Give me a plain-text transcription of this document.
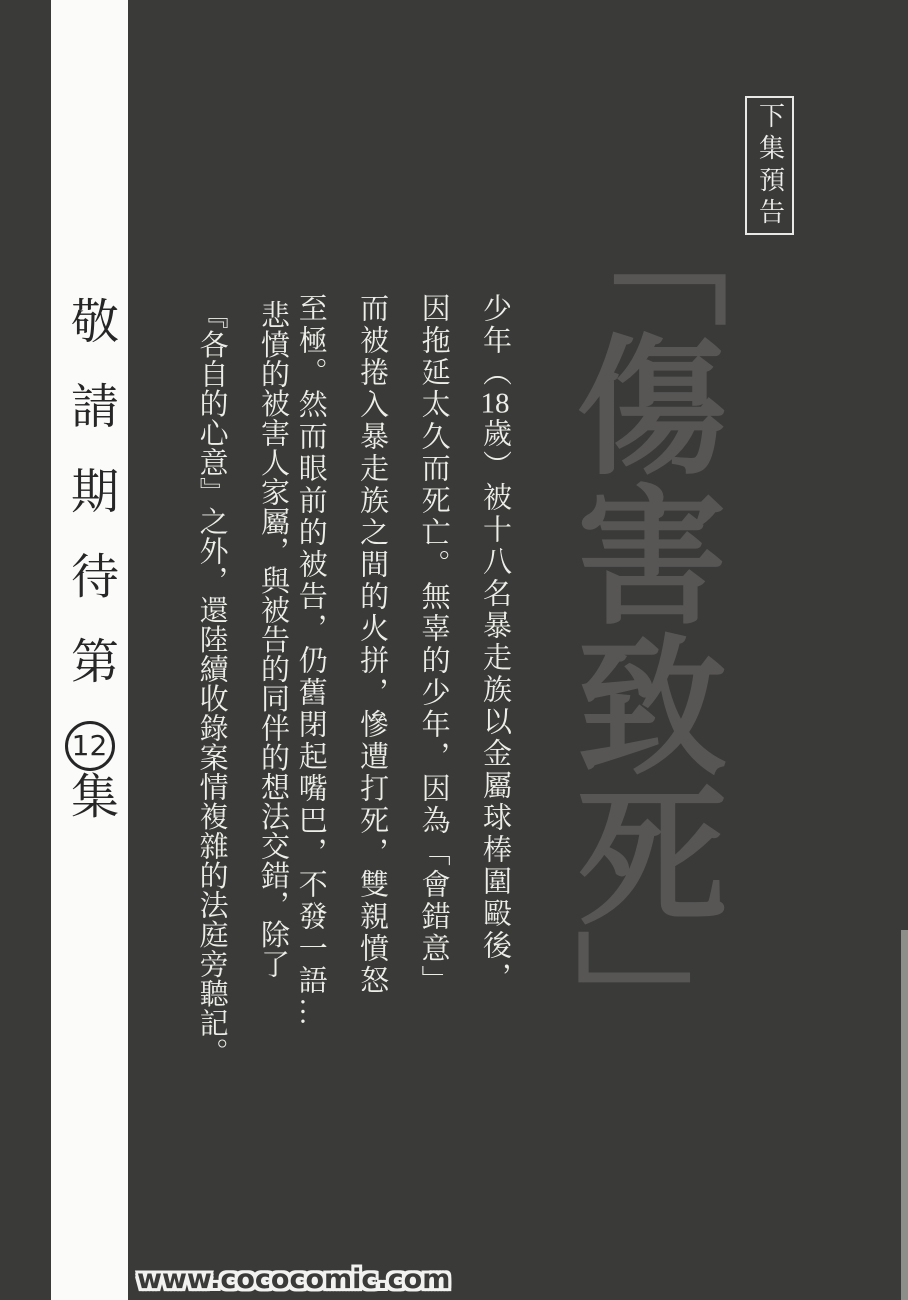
敬請期待第
12
集
下集預告
「傷害致死」

少年（18歲）被十八名暴走族以金屬球棒圍毆後，

因拖延太久而死亡。無辜的少年，因為「會錯意」

而被捲入暴走族之間的火拼，慘遭打死，雙親憤怒

至極。然而眼前的被告，仍舊閉起嘴巴，不發一語…

悲憤的被害人家屬，與被告的同伴的想法交錯，除了

『各自的心意』之外，還陸續收錄案情複雜的法庭旁聽記。

www.cococomic.com
